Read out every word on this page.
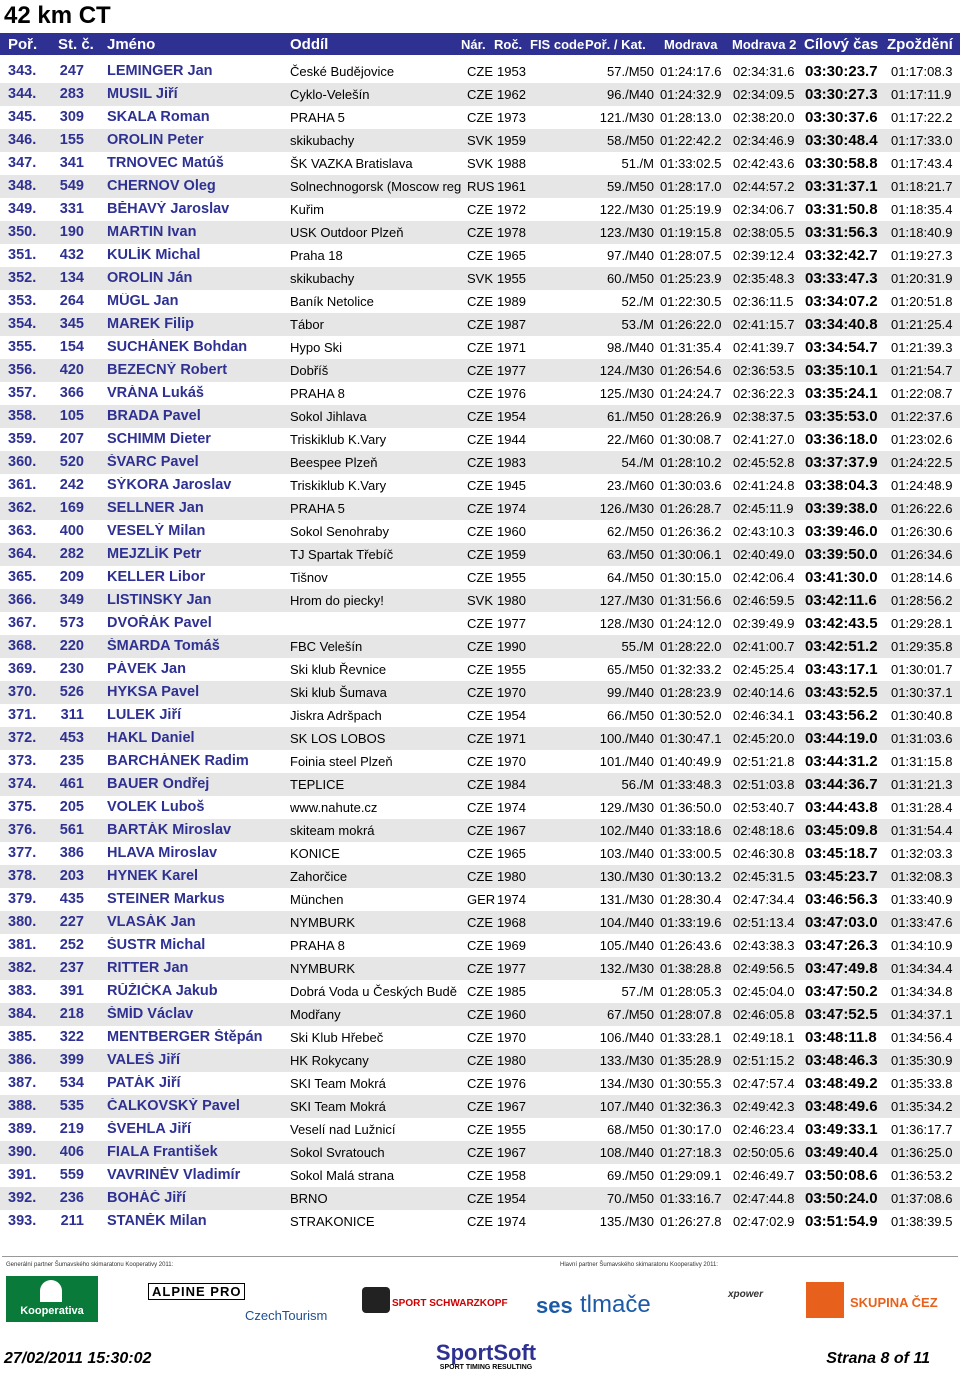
42 km CT
Poř. St. č. Jméno	Oddíl	Nár. Roč. FIS code Poř. / Kat. Modrava Modrava 2 Cílový čas Zpoždění
343.	247 LEMINGER Jan	České Budějovice	CZE 1953	57./M50 01:24:17.6 02:34:31.6 03:30:23.7 01:17:08.3
344.	283 MUSIL Jiří	Cyklo-Velešín	CZE 1962	96./M40 01:24:32.9 02:34:09.5 03:30:27.3 01:17:11.9
345.	309 SKALA Roman	PRAHA 5	CZE 1973	121./M30 01:28:13.0 02:38:20.0 03:30:37.6 01:17:22.2
346.	155 OROLIN Peter	skikubachy	SVK 1959	58./M50 01:22:42.2 02:34:46.9 03:30:48.4 01:17:33.0
347.	341 TRNOVEC Matúš	ŠK VAZKA Bratislava	SVK 1988	51./M 01:33:02.5 02:42:43.6 03:30:58.8 01:17:43.4
348.	549 CHERNOV Oleg	Solnechnogorsk (Moscow reg RUS 1961	59./M50 01:28:17.0 02:44:57.2 03:31:37.1 01:18:21.7
349.	331 BĚHAVÝ Jaroslav	Kuřim	CZE 1972	122./M30 01:25:19.9 02:34:06.7 03:31:50.8 01:18:35.4
350.	190 MARTIN Ivan	USK Outdoor Plzeň	CZE 1978	123./M30 01:19:15.8 02:38:05.5 03:31:56.3 01:18:40.9
351.	432 KULÍK Michal	Praha 18	CZE 1965	97./M40 01:28:07.5 02:39:12.4 03:32:42.7 01:19:27.3
352.	134 OROLIN Ján	skikubachy	SVK 1955	60./M50 01:25:23.9 02:35:48.3 03:33:47.3 01:20:31.9
353.	264 MÜGL Jan	Baník Netolice	CZE 1989	52./M 01:22:30.5 02:36:11.5 03:34:07.2 01:20:51.8
354.	345 MAREK Filip	Tábor	CZE 1987	53./M 01:26:22.0 02:41:15.7 03:34:40.8 01:21:25.4
355.	154 SUCHÁNEK Bohdan	Hypo Ski	CZE 1971	98./M40 01:31:35.4 02:41:39.7 03:34:54.7 01:21:39.3
356.	420 BEZECNÝ Robert	Dobříš	CZE 1977	124./M30 01:26:54.6 02:36:53.5 03:35:10.1 01:21:54.7
357.	366 VRÁNA Lukáš	PRAHA 8	CZE 1976	125./M30 01:24:24.7 02:36:22.3 03:35:24.1 01:22:08.7
358.	105 BRADA Pavel	Sokol Jihlava	CZE 1954	61./M50 01:28:26.9 02:38:37.5 03:35:53.0 01:22:37.6
359.	207 SCHIMM Dieter	Triskiklub K.Vary	CZE 1944	22./M60 01:30:08.7 02:41:27.0 03:36:18.0 01:23:02.6
360.	520 ŠVARC Pavel	Beespee Plzeň	CZE 1983	54./M 01:28:10.2 02:45:52.8 03:37:37.9 01:24:22.5
361.	242 SÝKORA Jaroslav	Triskiklub K.Vary	CZE 1945	23./M60 01:30:03.6 02:41:24.8 03:38:04.3 01:24:48.9
362.	169 SELLNER Jan	PRAHA 5	CZE 1974	126./M30 01:26:28.7 02:45:11.9 03:39:38.0 01:26:22.6
363.	400 VESELÝ Milan	Sokol Senohraby	CZE 1960	62./M50 01:26:36.2 02:43:10.3 03:39:46.0 01:26:30.6
364.	282 MEJZLÍK Petr	TJ Spartak Třebíč	CZE 1959	63./M50 01:30:06.1 02:40:49.0 03:39:50.0 01:26:34.6
365.	209 KELLER Libor	Tišnov	CZE 1955	64./M50 01:30:15.0 02:42:06.4 03:41:30.0 01:28:14.6
366.	349 LISTINSKY Jan	Hrom do piecky!	SVK 1980	127./M30 01:31:56.6 02:46:59.5 03:42:11.6 01:28:56.2
367.	573 DVOŘÁK Pavel	CZE 1977	128./M30 01:24:12.0 02:39:49.9 03:42:43.5 01:29:28.1
368.	220 ŠMARDA Tomáš	FBC Velešín	CZE 1990	55./M 01:28:22.0 02:41:00.7 03:42:51.2 01:29:35.8
369.	230 PÁVEK Jan	Ski klub Řevnice	CZE 1955	65./M50 01:32:33.2 02:45:25.4 03:43:17.1 01:30:01.7
370.	526 HYKSA Pavel	Ski klub Šumava	CZE 1970	99./M40 01:28:23.9 02:40:14.6 03:43:52.5 01:30:37.1
371.	311 LULEK Jiří	Jiskra Adršpach	CZE 1954	66./M50 01:30:52.0 02:46:34.1 03:43:56.2 01:30:40.8
372.	453 HAKL Daniel	SK LOS LOBOS	CZE 1971	100./M40 01:30:47.1 02:45:20.0 03:44:19.0 01:31:03.6
373.	235 BARCHÁNEK Radim	Foinia steel Plzeň	CZE 1970	101./M40 01:40:49.9 02:51:21.8 03:44:31.2 01:31:15.8
374.	461 BAUER Ondřej	TEPLICE	CZE 1984	56./M 01:33:48.3 02:51:03.8 03:44:36.7 01:31:21.3
375.	205 VOLEK Luboš	www.nahute.cz	CZE 1974	129./M30 01:36:50.0 02:53:40.7 03:44:43.8 01:31:28.4
376.	561 BARTÁK Miroslav	skiteam mokrá	CZE 1967	102./M40 01:33:18.6 02:48:18.6 03:45:09.8 01:31:54.4
377.	386 HLAVA Miroslav	KONICE	CZE 1965	103./M40 01:33:00.5 02:46:30.8 03:45:18.7 01:32:03.3
378.	203 HYNEK Karel	Zahorčice	CZE 1980	130./M30 01:30:13.2 02:45:31.5 03:45:23.7 01:32:08.3
379.	435 STEINER Markus	München	GER 1974	131./M30 01:28:30.4 02:47:34.4 03:46:56.3 01:33:40.9
380.	227 VLASÁK Jan	NYMBURK	CZE 1968	104./M40 01:33:19.6 02:51:13.4 03:47:03.0 01:33:47.6
381.	252 ŠUSTR Michal	PRAHA 8	CZE 1969	105./M40 01:26:43.6 02:43:38.3 03:47:26.3 01:34:10.9
382.	237 RITTER Jan	NYMBURK	CZE 1977	132./M30 01:38:28.8 02:49:56.5 03:47:49.8 01:34:34.4
383.	391 RŮŽIČKA Jakub	Dobrá Voda u Českých Budě CZE 1985	57./M 01:28:05.3 02:45:04.0 03:47:50.2 01:34:34.8
384.	218 ŠMÍD Václav	Modřany	CZE 1960	67./M50 01:28:07.8 02:46:05.8 03:47:52.5 01:34:37.1
385.	322 MENTBERGER Štěpán	Ski Klub Hřebeč	CZE 1970	106./M40 01:33:28.1 02:49:18.1 03:48:11.8 01:34:56.4
386.	399 VALEŠ Jiří	HK Rokycany	CZE 1980	133./M30 01:35:28.9 02:51:15.2 03:48:46.3 01:35:30.9
387.	534 PATÁK Jiří	SKI Team Mokrá	CZE 1976	134./M30 01:30:55.3 02:47:57.4 03:48:49.2 01:35:33.8
388.	535 ČALKOVSKÝ Pavel	SKI Team Mokrá	CZE 1967	107./M40 01:32:36.3 02:49:42.3 03:48:49.6 01:35:34.2
389.	219 ŠVEHLA Jiří	Veselí nad Lužnicí	CZE 1955	68./M50 01:30:17.0 02:46:23.4 03:49:33.1 01:36:17.7
390.	406 FIALA František	Sokol Svratouch	CZE 1967	108./M40 01:27:18.3 02:50:05.6 03:49:40.4 01:36:25.0
391.	559 VAVRINĚV Vladimír	Sokol Malá strana	CZE 1958	69./M50 01:29:09.1 02:46:49.7 03:50:08.6 01:36:53.2
392.	236 BOHÁČ Jiří	BRNO	CZE 1954	70./M50 01:33:16.7 02:47:44.8 03:50:24.0 01:37:08.6
393.	211 STANĚK Milan	STRAKONICE	CZE 1974	135./M30 01:26:27.8 02:47:02.9 03:51:54.9 01:38:39.5
Generální partner Šumavského skimaratonu Kooperativy 2011:	Hlavní partner Šumavského skimaratonu Kooperativy 2011:
Kooperativa
ALPINE PRO
CzechTourism
SPORT SCHWARZKOPF ses tlmače	xpower
SKUPINA ČEZ
27/02/2011 15:30:02	SportSoft
SPORT TIMING RESULTING
Strana 8 of 11
